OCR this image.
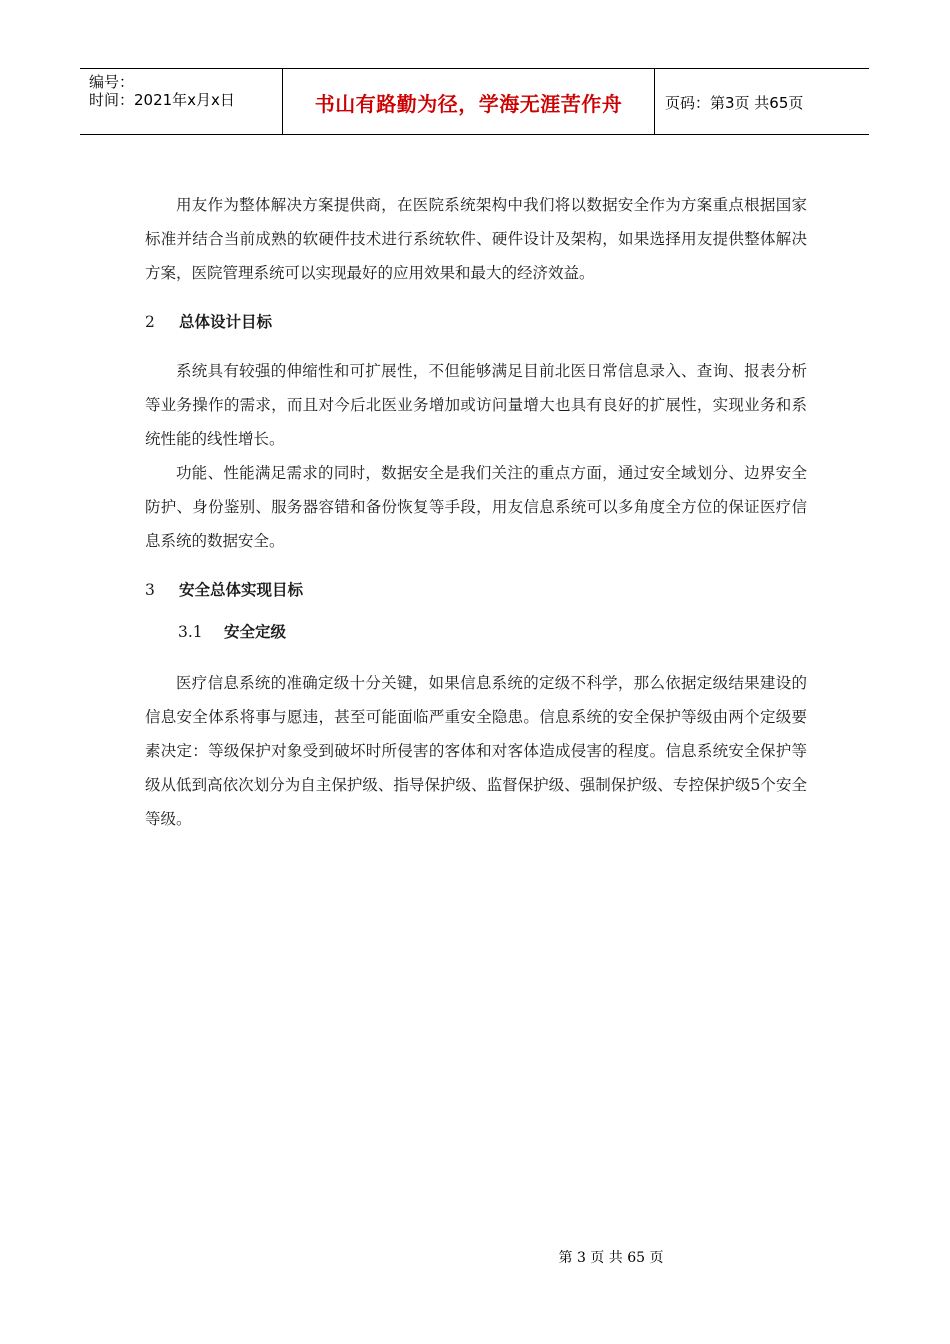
编号：
时间：2021年x月x日	书山有路勤为径，学海无涯苦作舟	页码：第3页 共65页

用友作为整体解决方案提供商，在医院系统架构中我们将以数据安全作为方案重点根据国家标准并结合当前成熟的软硬件技术进行系统软件、硬件设计及架构，如果选择用友提供整体解决方案，医院管理系统可以实现最好的应用效果和最大的经济效益。

2	总体设计目标

系统具有较强的伸缩性和可扩展性，不但能够满足目前北医日常信息录入、查询、报表分析等业务操作的需求，而且对今后北医业务增加或访问量增大也具有良好的扩展性，实现业务和系统性能的线性增长。

功能、性能满足需求的同时，数据安全是我们关注的重点方面，通过安全域划分、边界安全防护、身份鉴别、服务器容错和备份恢复等手段，用友信息系统可以多角度全方位的保证医疗信息系统的数据安全。

3	安全总体实现目标
3.1	安全定级

医疗信息系统的准确定级十分关键，如果信息系统的定级不科学，那么依据定级结果建设的信息安全体系将事与愿违，甚至可能面临严重安全隐患。信息系统的安全保护等级由两个定级要素决定：等级保护对象受到破坏时所侵害的客体和对客体造成侵害的程度。信息系统安全保护等级从低到高依次划分为自主保护级、指导保护级、监督保护级、强制保护级、专控保护级5个安全等级。

第 3 页 共 65 页
